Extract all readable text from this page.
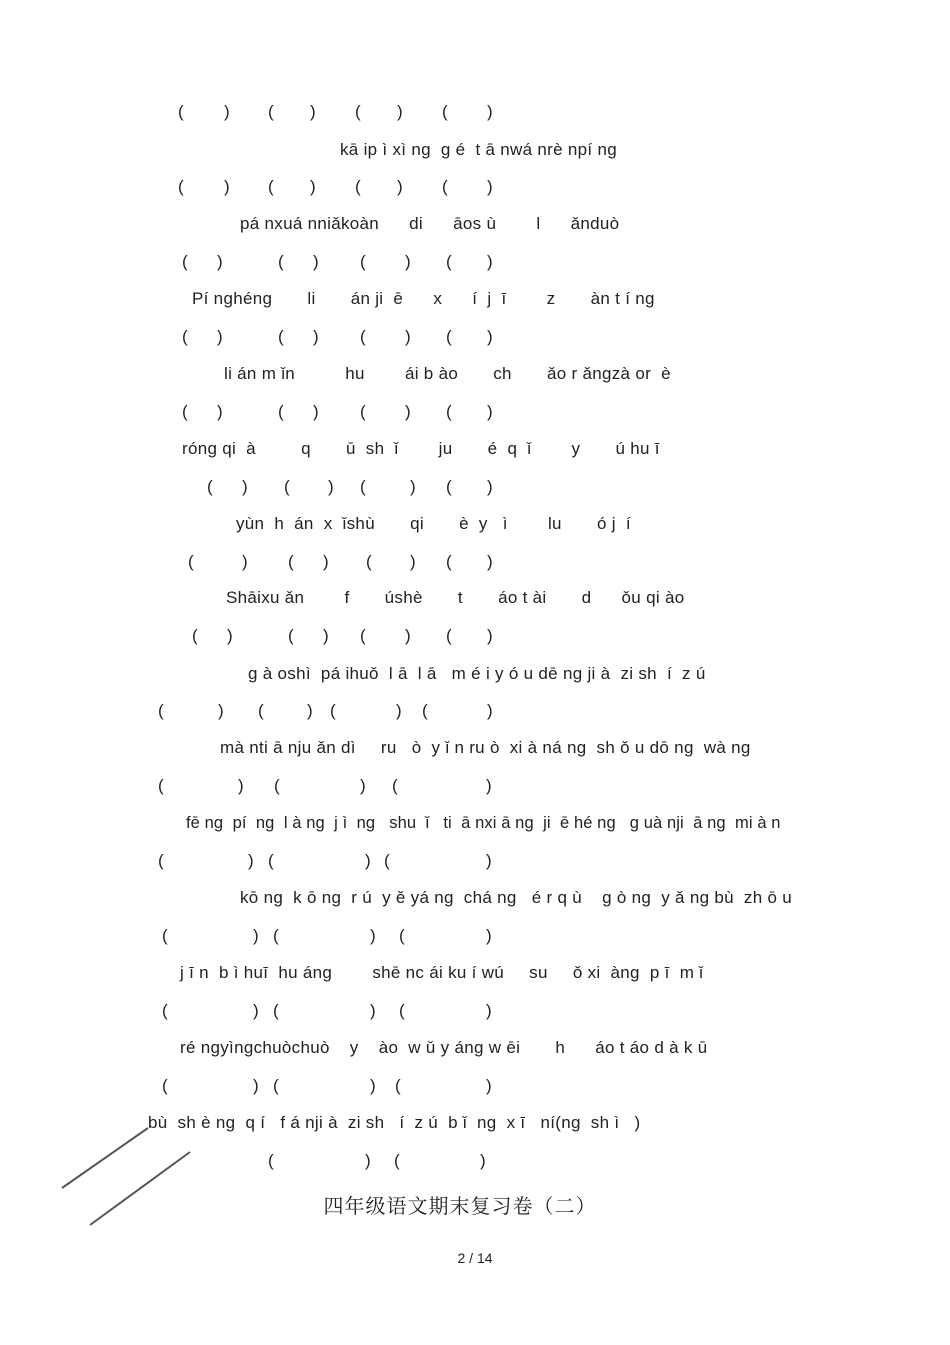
( ) ( ) ( ) ( )
kā ip ì xì ng  g é  t ā nwá nrè npí ng
( ) ( ) ( ) ( )
pá nxuá nniǎkoàn      di      āos ù        l      ǎnduò
( )	( ) ( ) ( )
Pí nghéng       li       án ji  ē      x      í  j  ī        z       àn t í ng
( )	( ) ( ) ( )
li án m ǐn          hu        ái b ào       ch       ǎo r ǎngzà or  è
( )	( ) ( ) ( )
róng qi  à         q       ū  sh  ǐ        ju       é  q  ǐ        y       ú hu ī
( ) ( ) (	) ( )
yùn  h  án  x  ǐshù       qi       è  y   ì        lu       ó j  í
(	) ( ) ( ) ( )
Shāixu ǎn        f       úshè       t       áo t ài       d      ǒu qi ào
( )	( ) ( ) ( )
g à oshì  pá ihuǒ  l ā  l ā   m é i y ó u dē ng ji à  zi sh  í  z ú
(	) (	) (	) (	)
mà nti ā nju ǎn dì     ru   ò  y ǐ n ru ò  xi à ná ng  sh ǒ u dō ng  wà ng
(	) (	) (	)
fē ng  pí  ng  l à ng  j ì  ng   shu  ǐ   ti  ā nxi ā ng  ji  ē hé ng   g uà nji  ā ng  mi à n
(	) (	) (	)
kō ng  k ō ng  r ú  y ě yá ng  chá ng   é r q ù    g ò ng  y ǎ ng bù  zh ō u
(	) (	) (	)
j ī n  b ì huī  hu áng        shē nc ái ku í wú     su     ǒ xi  àng  p ī  m ǐ
(	) (	) (	)
ré ngyìngchuòchuò    y    ào  w ǔ y áng w ēi       h      áo t áo d à k ū
(	) (	) (	)
bù  sh è ng  q í   f á nji à  zi sh   í  z ú  b ǐ  ng  x ī   ní(ng  sh ì   )
(	) (	)
四年级语文期末复习卷（二）
2 / 14
